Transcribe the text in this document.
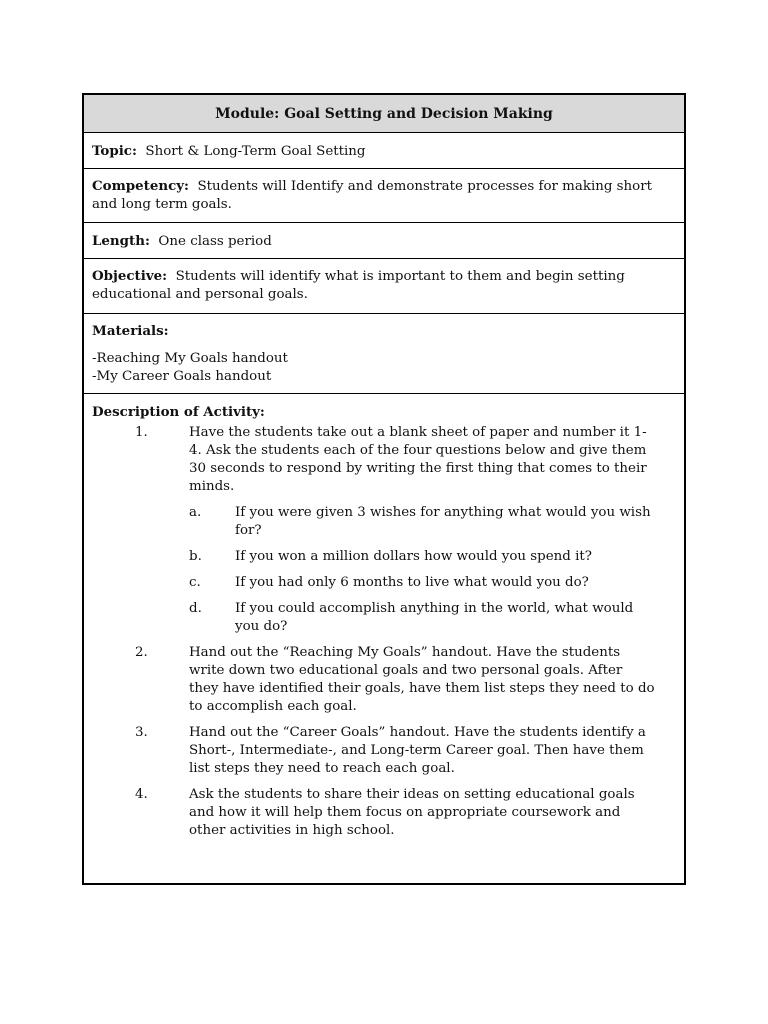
Module: Goal Setting and Decision Making
Topic: Short & Long-Term Goal Setting
Competency: Students will Identify and demonstrate processes for making short and long term goals.
Length: One class period
Objective: Students will identify what is important to them and begin setting educational and personal goals.
Materials:
-Reaching My Goals handout
-My Career Goals handout
Description of Activity:
1.	Have the students take out a blank sheet of paper and number it 1-4. Ask the students each of the four questions below and give them 30 seconds to respond by writing the first thing that comes to their minds.
a.	If you were given 3 wishes for anything what would you wish for?
b.	If you won a million dollars how would you spend it?
c.	If you had only 6 months to live what would you do?
d.	If you could accomplish anything in the world, what would you do?
2.	Hand out the “Reaching My Goals” handout. Have the students write down two educational goals and two personal goals. After they have identified their goals, have them list steps they need to do to accomplish each goal.
3.	Hand out the “Career Goals” handout. Have the students identify a Short-, Intermediate-, and Long-term Career goal. Then have them list steps they need to reach each goal.
4.	Ask the students to share their ideas on setting educational goals and how it will help them focus on appropriate coursework and other activities in high school.
